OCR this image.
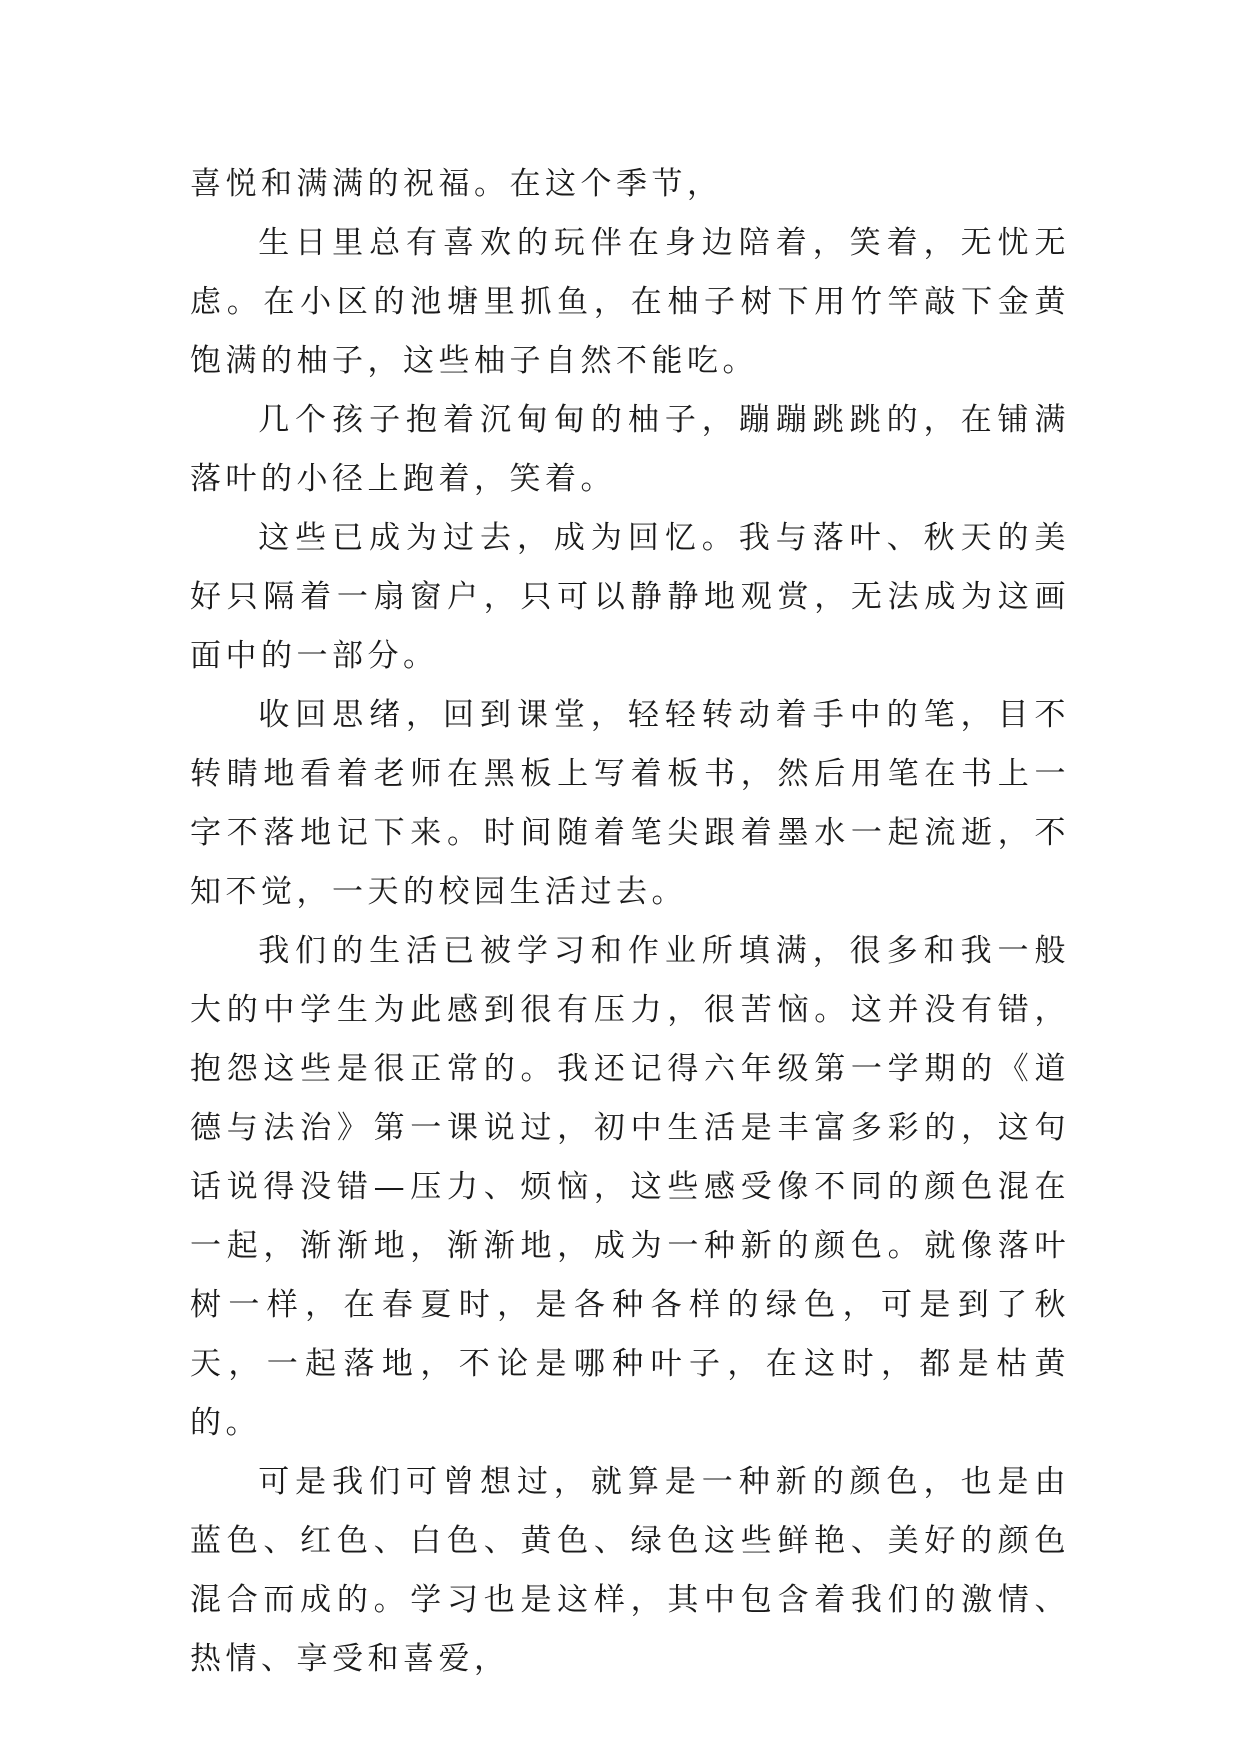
喜悦和满满的祝福。在这个季节，

生日里总有喜欢的玩伴在身边陪着，笑着，无忧无虑。在小区的池塘里抓鱼，在柚子树下用竹竿敲下金黄饱满的柚子，这些柚子自然不能吃。

几个孩子抱着沉甸甸的柚子，蹦蹦跳跳的，在铺满落叶的小径上跑着，笑着。

这些已成为过去，成为回忆。我与落叶、秋天的美好只隔着一扇窗户，只可以静静地观赏，无法成为这画面中的一部分。

收回思绪，回到课堂，轻轻转动着手中的笔，目不转睛地看着老师在黑板上写着板书，然后用笔在书上一字不落地记下来。时间随着笔尖跟着墨水一起流逝，不知不觉，一天的校园生活过去。

我们的生活已被学习和作业所填满，很多和我一般大的中学生为此感到很有压力，很苦恼。这并没有错，抱怨这些是很正常的。我还记得六年级第一学期的《道德与法治》第一课说过，初中生活是丰富多彩的，这句话说得没错—压力、烦恼，这些感受像不同的颜色混在一起，渐渐地，渐渐地，成为一种新的颜色。就像落叶树一样，在春夏时，是各种各样的绿色，可是到了秋天，一起落地，不论是哪种叶子，在这时，都是枯黄的。

可是我们可曾想过，就算是一种新的颜色，也是由蓝色、红色、白色、黄色、绿色这些鲜艳、美好的颜色混合而成的。学习也是这样，其中包含着我们的激情、热情、享受和喜爱，
